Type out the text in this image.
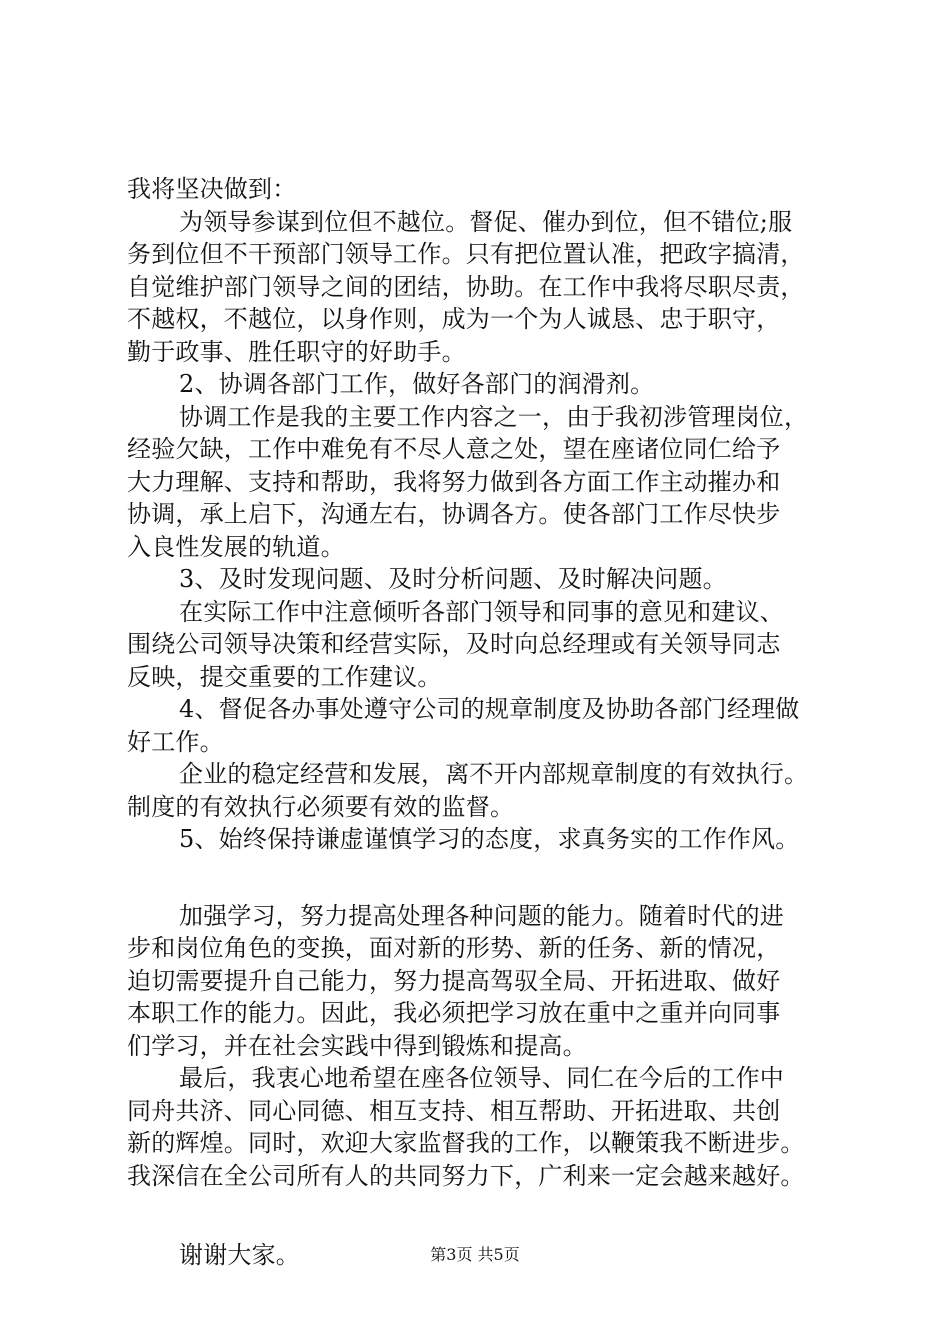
我将坚决做到：
为领导参谋到位但不越位。督促、催办到位，但不错位;服
务到位但不干预部门领导工作。只有把位置认准，把政字搞清，
自觉维护部门领导之间的团结，协助。在工作中我将尽职尽责，
不越权，不越位，以身作则，成为一个为人诚恳、忠于职守，
勤于政事、胜任职守的好助手。
2、协调各部门工作，做好各部门的润滑剂。
协调工作是我的主要工作内容之一，由于我初涉管理岗位，
经验欠缺，工作中难免有不尽人意之处，望在座诸位同仁给予
大力理解、支持和帮助，我将努力做到各方面工作主动摧办和
协调，承上启下，沟通左右，协调各方。使各部门工作尽快步
入良性发展的轨道。
3、及时发现问题、及时分析问题、及时解决问题。
在实际工作中注意倾听各部门领导和同事的意见和建议、
围绕公司领导决策和经营实际，及时向总经理或有关领导同志
反映，提交重要的工作建议。
4、督促各办事处遵守公司的规章制度及协助各部门经理做
好工作。
企业的稳定经营和发展，离不开内部规章制度的有效执行。
制度的有效执行必须要有效的监督。
5、始终保持谦虚谨慎学习的态度，求真务实的工作作风。
加强学习，努力提高处理各种问题的能力。随着时代的进
步和岗位角色的变换，面对新的形势、新的任务、新的情况，
迫切需要提升自己能力，努力提高驾驭全局、开拓进取、做好
本职工作的能力。因此，我必须把学习放在重中之重并向同事
们学习，并在社会实践中得到锻炼和提高。
最后，我衷心地希望在座各位领导、同仁在今后的工作中
同舟共济、同心同德、相互支持、相互帮助、开拓进取、共创
新的辉煌。同时，欢迎大家监督我的工作，以鞭策我不断进步。
我深信在全公司所有人的共同努力下，广利来一定会越来越好。
谢谢大家。	第3页 共5页
